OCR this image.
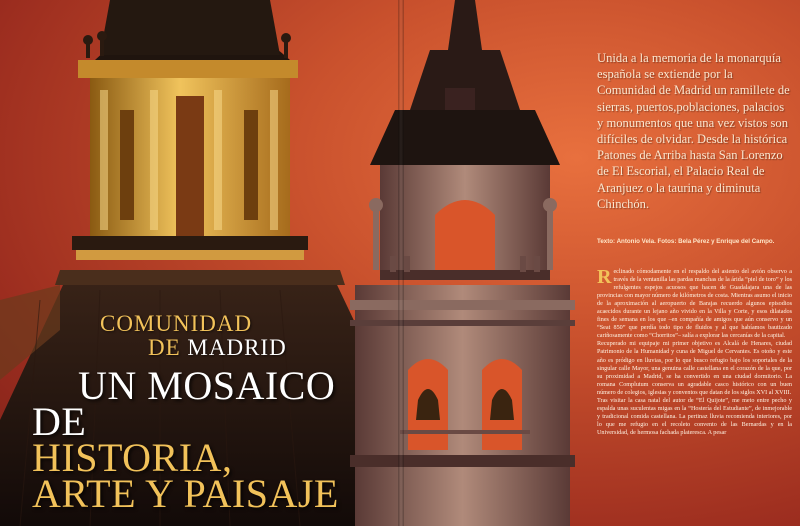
COMUNIDAD
DE MADRID
UN MOSAICO
DE
HISTORIA,
ARTE Y PAISAJE
Unida a la memoria de la monarquía española se extiende por la Comunidad de Madrid un ramillete de sierras, puertos,poblaciones, palacios y monumentos que una vez vistos son difíciles de olvidar. Desde la histórica Patones de Arriba hasta San Lorenzo de El Escorial, el Palacio Real de Aranjuez o la taurina y diminuta Chinchón.
Texto: Antonio Vela. Fotos: Bela Pérez y Enrique del Campo.

Reclinado cómodamente en el respaldo del asiento del avión observo a través de la ventanilla las pardas manchas de la árida “piel de toro” y los refulgentes espejos acuosos que hacen de Guadalajara una de las provincias con mayor número de kilómetros de costa. Mientras asumo el inicio de la aproximación al aeropuerto de Barajas recuerdo algunos episodios acaecidos durante un lejano año vivido en la Villa y Corte, y esos dilatados fines de semana en los que –en compañía de amigos que aún conservo y un “Seat 850” que perdía todo tipo de fluidos y al que habíamos bautizado cariñosamente como “Chorritos”– salía a explorar las cercanías de la capital.

Recuperado mi equipaje mi primer objetivo es Alcalá de Henares, ciudad Patrimonio de la Humanidad y cuna de Miguel de Cervantes. Es otoño y este año es pródigo en lluvias, por lo que busco refugio bajo los soportales de la singular calle Mayor, una genuina calle castellana en el corazón de la que, por su proximidad a Madrid, se ha convertido en una ciudad dormitorio. La romana Complutum conserva un agradable casco histórico con un buen número de colegios, iglesias y conventos que datan de los siglos XVI al XVIII.

Tras visitar la casa natal del autor de “El Quijote”, me meto entre pecho y espalda unas suculentas migas en la “Hostería del Estudiante”, de inmejorable y tradicional comida castellana. La pertinaz lluvia recomienda interiores, por lo que me refugio en el recoleto convento de las Bernardas y en la Universidad, de hermosa fachada plateresca. A pesar
